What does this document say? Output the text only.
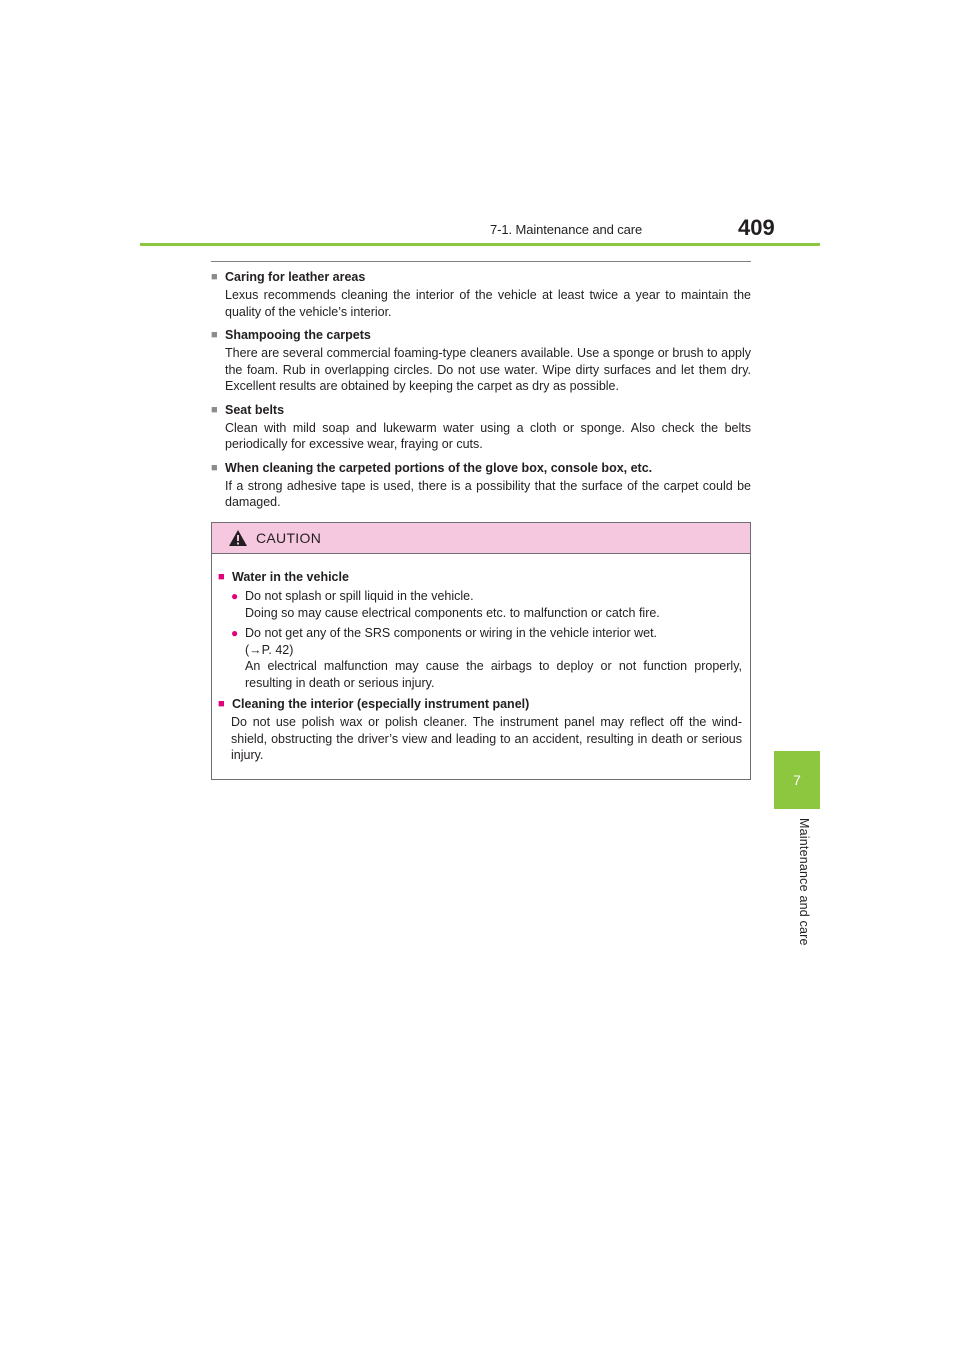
7-1. Maintenance and care	409
7
Maintenance and care
■ Caring for leather areas
Lexus recommends cleaning the interior of the vehicle at least twice a year to maintain the quality of the vehicle’s interior.
■ Shampooing the carpets
There are several commercial foaming-type cleaners available. Use a sponge or brush to apply the foam. Rub in overlapping circles. Do not use water. Wipe dirty surfaces and let them dry. Excellent results are obtained by keeping the carpet as dry as possible.
■ Seat belts
Clean with mild soap and lukewarm water using a cloth or sponge. Also check the belts periodically for excessive wear, fraying or cuts.
■ When cleaning the carpeted portions of the glove box, console box, etc.
If a strong adhesive tape is used, there is a possibility that the surface of the carpet could be damaged.
CAUTION
■ Water in the vehicle
● Do not splash or spill liquid in the vehicle.
Doing so may cause electrical components etc. to malfunction or catch fire.
● Do not get any of the SRS components or wiring in the vehicle interior wet.
(→P. 42)
An electrical malfunction may cause the airbags to deploy or not function properly, resulting in death or serious injury.
■ Cleaning the interior (especially instrument panel)
Do not use polish wax or polish cleaner. The instrument panel may reflect off the wind-shield, obstructing the driver’s view and leading to an accident, resulting in death or serious injury.
